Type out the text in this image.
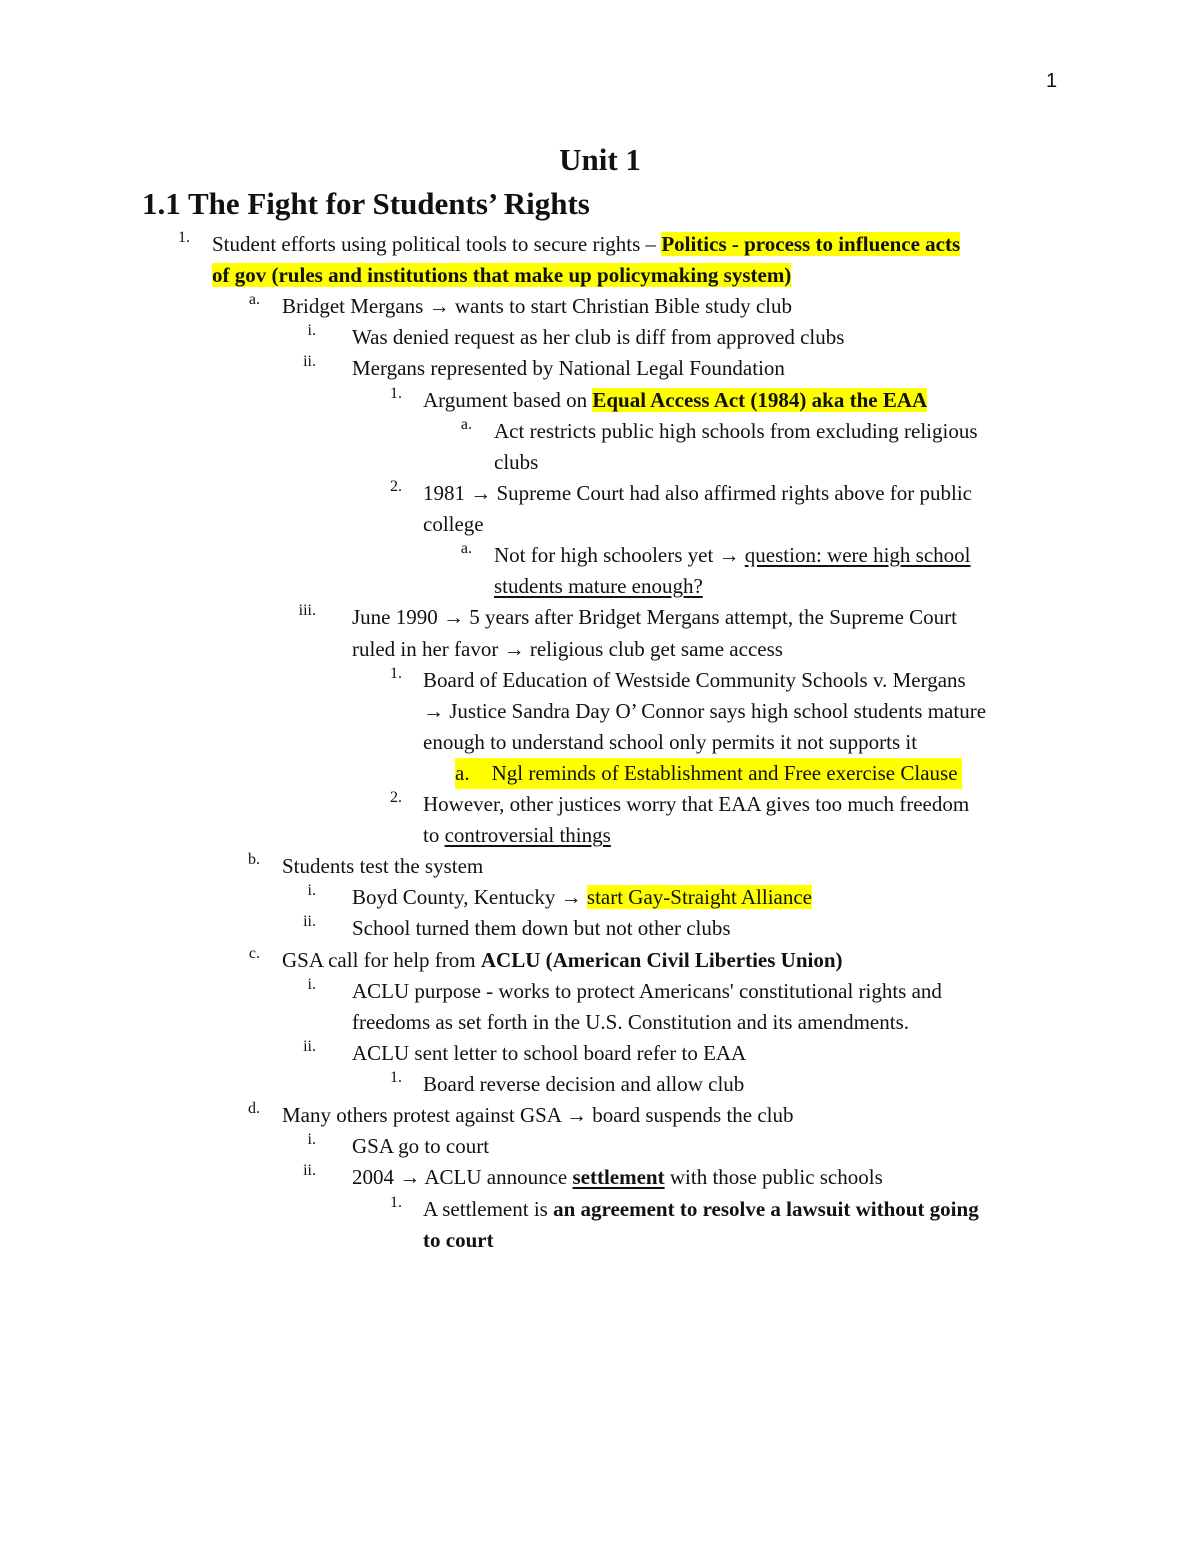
1
Unit 1
1.1 The Fight for Students’ Rights
1. Student efforts using political tools to secure rights – Politics - process to influence acts
of gov (rules and institutions that make up policymaking system)
a. Bridget Mergans → wants to start Christian Bible study club
i. Was denied request as her club is diff from approved clubs
ii. Mergans represented by National Legal Foundation
1. Argument based on Equal Access Act (1984) aka the EAA
a. Act restricts public high schools from excluding religious
clubs
2. 1981 → Supreme Court had also affirmed rights above for public
college
a. Not for high schoolers yet → question: were high school
students mature enough?
iii. June 1990 → 5 years after Bridget Mergans attempt, the Supreme Court
ruled in her favor → religious club get same access
1. Board of Education of Westside Community Schools v. Mergans
→ Justice Sandra Day O’ Connor says high school students mature
enough to understand school only permits it not supports it
a. Ngl reminds of Establishment and Free exercise Clause
2. However, other justices worry that EAA gives too much freedom
to controversial things
b. Students test the system
i. Boyd County, Kentucky → start Gay-Straight Alliance
ii. School turned them down but not other clubs
c. GSA call for help from ACLU (American Civil Liberties Union)
i. ACLU purpose - works to protect Americans' constitutional rights and
freedoms as set forth in the U.S. Constitution and its amendments.
ii. ACLU sent letter to school board refer to EAA
1. Board reverse decision and allow club
d. Many others protest against GSA → board suspends the club
i. GSA go to court
ii. 2004 → ACLU announce settlement with those public schools
1. A settlement is an agreement to resolve a lawsuit without going
to court
